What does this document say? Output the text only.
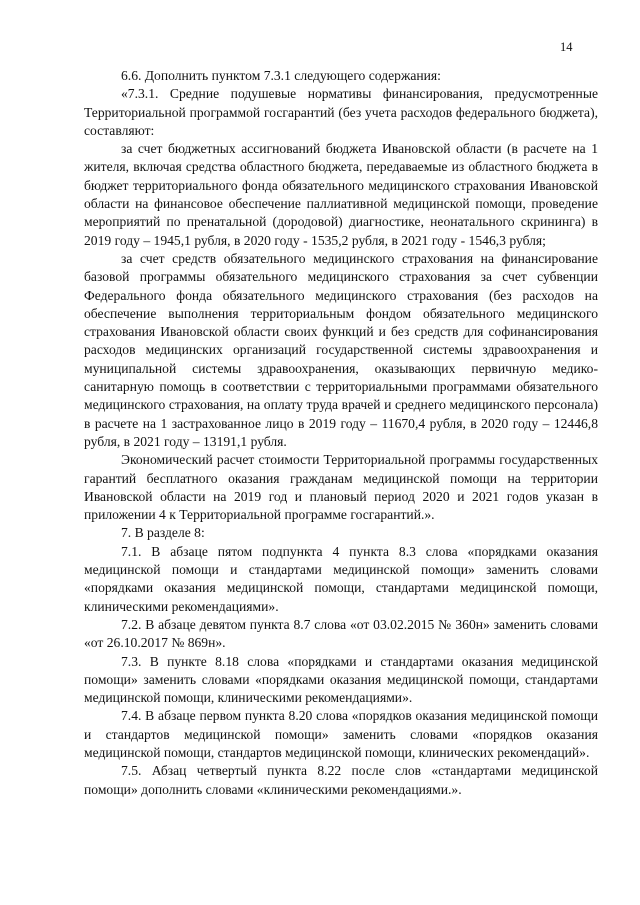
14

6.6. Дополнить пунктом 7.3.1 следующего содержания:

«7.3.1. Средние подушевые нормативы финансирования, предусмотренные Территориальной программой госгарантий (без учета расходов федерального бюджета), составляют:

за счет бюджетных ассигнований бюджета Ивановской области (в расчете на 1 жителя, включая средства областного бюджета, передаваемые из областного бюджета в бюджет территориального фонда обязательного медицинского страхования Ивановской области на финансовое обеспечение паллиативной медицинской помощи, проведение мероприятий по пренатальной (дородовой) диагностике, неонатального скрининга) в 2019 году – 1945,1 рубля, в 2020 году - 1535,2 рубля, в 2021 году - 1546,3 рубля;

за счет средств обязательного медицинского страхования на финансирование базовой программы обязательного медицинского страхования за счет субвенции Федерального фонда обязательного медицинского страхования (без расходов на обеспечение выполнения территориальным фондом обязательного медицинского страхования Ивановской области своих функций и без средств для софинансирования расходов медицинских организаций государственной системы здравоохранения и муниципальной системы здравоохранения, оказывающих первичную медико-санитарную помощь в соответствии с территориальными программами обязательного медицинского страхования, на оплату труда врачей и среднего медицинского персонала) в расчете на 1 застрахованное лицо в 2019 году – 11670,4 рубля, в 2020 году – 12446,8 рубля, в 2021 году – 13191,1 рубля.

Экономический расчет стоимости Территориальной программы государственных гарантий бесплатного оказания гражданам медицинской помощи на территории Ивановской области на 2019 год и плановый период 2020 и 2021 годов указан в приложении 4 к Территориальной программе госгарантий.».

7. В разделе 8:

7.1. В абзаце пятом подпункта 4 пункта 8.3 слова «порядками оказания медицинской помощи и стандартами медицинской помощи» заменить словами «порядками оказания медицинской помощи, стандартами медицинской помощи, клиническими рекомендациями».

7.2. В абзаце девятом пункта 8.7 слова «от 03.02.2015 № 360н» заменить словами «от 26.10.2017 № 869н».

7.3. В пункте 8.18 слова «порядками и стандартами оказания медицинской помощи» заменить словами «порядками оказания медицинской помощи, стандартами медицинской помощи, клиническими рекомендациями».

7.4. В абзаце первом пункта 8.20 слова «порядков оказания медицинской помощи и стандартов медицинской помощи» заменить словами «порядков оказания медицинской помощи, стандартов медицинской помощи, клинических рекомендаций».

7.5. Абзац четвертый пункта 8.22 после слов «стандартами медицинской помощи» дополнить словами «клиническими рекомендациями.».
